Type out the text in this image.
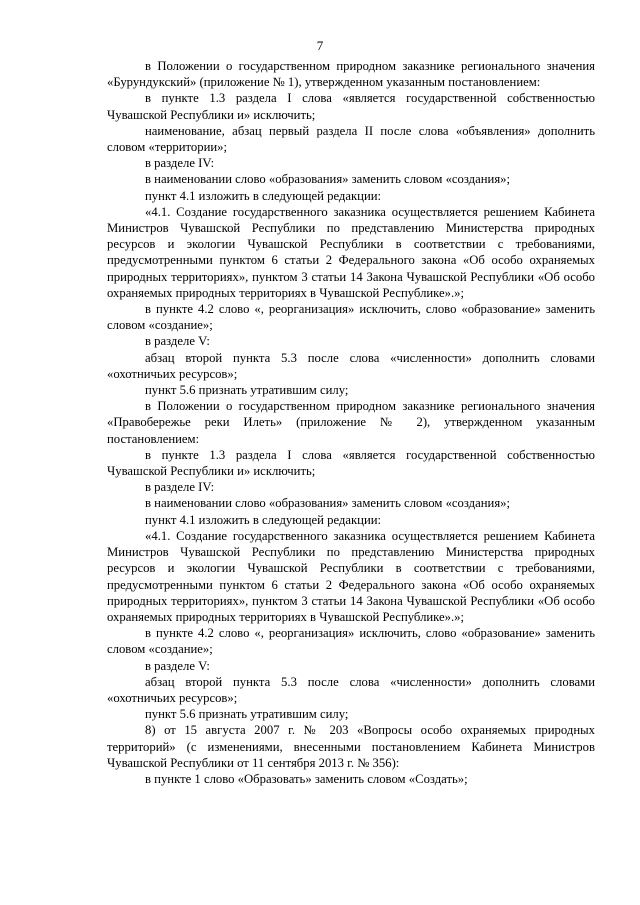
7

в Положении о государственном природном заказнике регионального значения «Бурундукский» (приложение № 1), утвержденном указанным постановлением:

в пункте 1.3 раздела I слова «является государственной собственностью Чувашской Республики и» исключить;

наименование, абзац первый раздела II после слова «объявления» дополнить словом «территории»;

в разделе IV:

в наименовании слово «образования» заменить словом «создания»;

пункт 4.1 изложить в следующей редакции:

«4.1. Создание государственного заказника осуществляется решением Кабинета Министров Чувашской Республики по представлению Министерства природных ресурсов и экологии Чувашской Республики в соответствии с требованиями, предусмотренными пунктом 6 статьи 2 Федерального закона «Об особо охраняемых природных территориях», пунктом 3 статьи 14 Закона Чувашской Республики «Об особо охраняемых природных территориях в Чувашской Республике».»;

в пункте 4.2 слово «, реорганизация» исключить, слово «образование» заменить словом «создание»;

в разделе V:

абзац второй пункта 5.3 после слова «численности» дополнить словами «охотничьих ресурсов»;

пункт 5.6 признать утратившим силу;

в Положении о государственном природном заказнике регионального значения «Правобережье реки Илеть» (приложение № 2), утвержденном указанным постановлением:

в пункте 1.3 раздела I слова «является государственной собственностью Чувашской Республики и» исключить;

в разделе IV:

в наименовании слово «образования» заменить словом «создания»;

пункт 4.1 изложить в следующей редакции:

«4.1. Создание государственного заказника осуществляется решением Кабинета Министров Чувашской Республики по представлению Министерства природных ресурсов и экологии Чувашской Республики в соответствии с требованиями, предусмотренными пунктом 6 статьи 2 Федерального закона «Об особо охраняемых природных территориях», пунктом 3 статьи 14 Закона Чувашской Республики «Об особо охраняемых природных территориях в Чувашской Республике».»;

в пункте 4.2 слово «, реорганизация» исключить, слово «образование» заменить словом «создание»;

в разделе V:

абзац второй пункта 5.3 после слова «численности» дополнить словами «охотничьих ресурсов»;

пункт 5.6 признать утратившим силу;

8) от 15 августа 2007 г. № 203 «Вопросы особо охраняемых природных территорий» (с изменениями, внесенными постановлением Кабинета Министров Чувашской Республики от 11 сентября 2013 г. № 356):

в пункте 1 слово «Образовать» заменить словом «Создать»;
